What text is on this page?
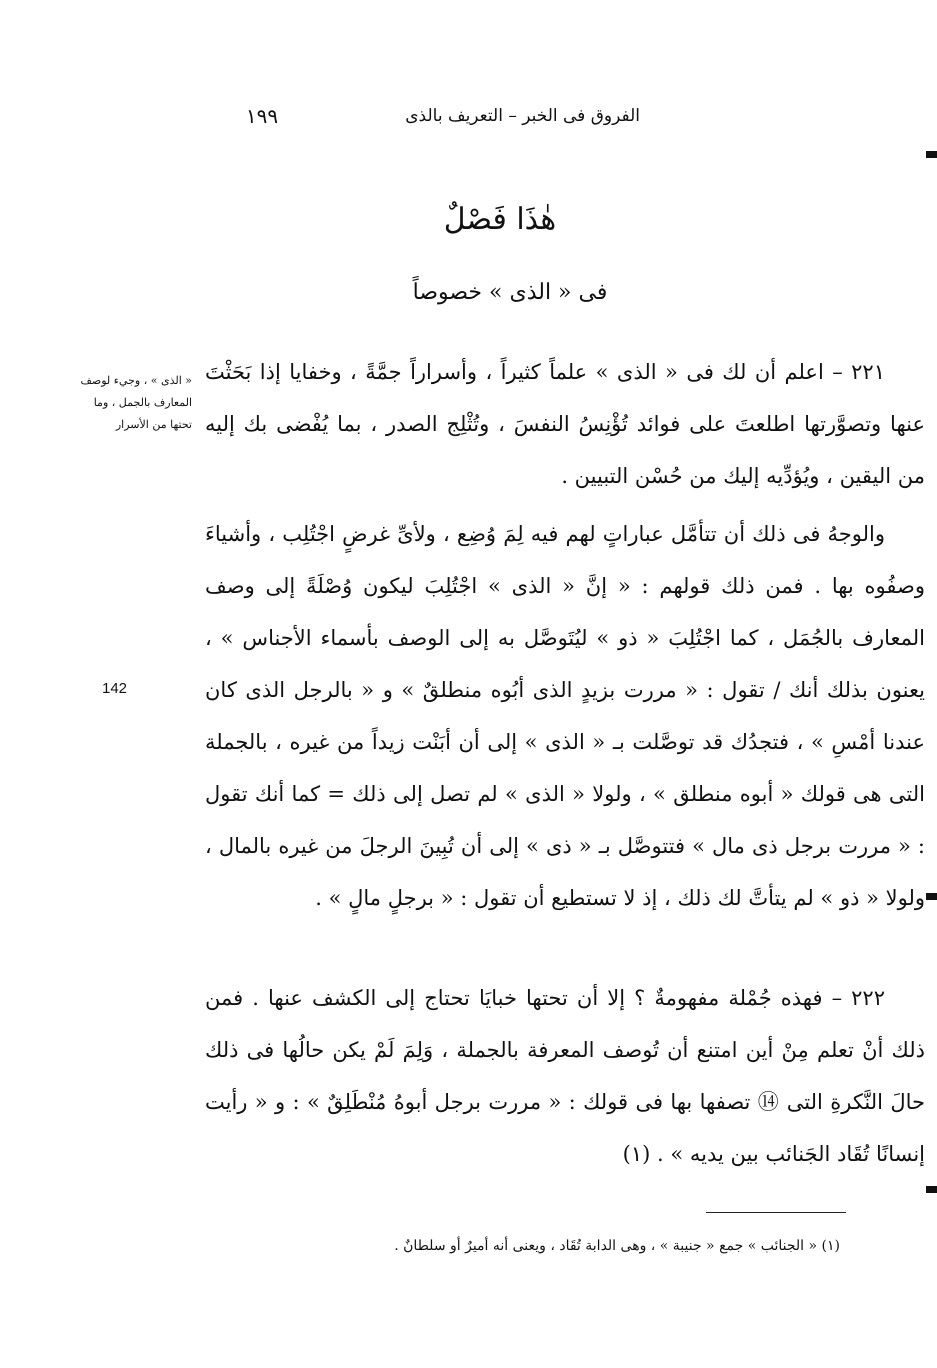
الفروق فى الخبر – التعريف بالذى
١٩٩
هٰذَا فَصْلٌ
فى « الذى » خصوصاً
« الذى » ، وجيء لوصف المعارف بالجمل ، وما تحتها من الأسرار
142

٢٢١ – اعلم أن لك فى « الذى » علماً كثيراً ، وأسراراً جمَّةً ، وخفايا إذا بَحَثْتَ عنها وتصوَّرتها اطلعتَ على فوائد تُؤْنِسُ النفسَ ، وتُثْلِج الصدر ، بما يُفْضى بك إليه من اليقين ، ويُؤدِّيه إليك من حُسْن التبيين .

والوجهُ فى ذلك أن تتأمَّل عباراتٍ لهم فيه لِمَ وُضِع ، ولأىِّ غرضٍ اجْتُلِب ، وأشياءَ وصفُوه بها . فمن ذلك قولهم : « إنَّ « الذى » اجْتُلِبَ ليكون وُصْلَةً إلى وصف المعارف بالجُمَل ، كما اجْتُلِبَ « ذو » ليُتَوصَّل به إلى الوصف بأسماء الأجناس » ، يعنون بذلك أنك / تقول : « مررت بزيدٍ الذى أبُوه منطلقٌ » و « بالرجل الذى كان عندنا أمْسِ » ، فتجدُك قد توصَّلت بـ « الذى » إلى أن أبَنْت زيداً من غيره ، بالجملة التى هى قولك « أبوه منطلق » ، ولولا « الذى » لم تصل إلى ذلك = كما أنك تقول : « مررت برجل ذى مال » فتتوصَّل بـ « ذى » إلى أن تُبِينَ الرجلَ من غيره بالمال ، ولولا « ذو » لم يتأتَّ لك ذلك ، إذ لا تستطيع أن تقول : « برجلٍ مالٍ » .

٢٢٢ – فهذه جُمْلة مفهومةٌ ؟ إلا أن تحتها خبايَا تحتاج إلى الكشف عنها . فمن ذلك أنْ تعلم مِنْ أين امتنع أن تُوصف المعرفة بالجملة ، وَلِمَ لَمْ يكن حالُها فى ذلك حالَ النَّكرةِ التى ⑭ تصفها بها فى قولك : « مررت برجل أبوهُ مُنْطَلِقٌ » : و « رأيت إنسانًا تُقَاد الجَنائب بين يديه » . (١)

(١) « الجنائب » جمع « جنيبة » ، وهى الدابة تُقَاد ، ويعنى أنه أميرٌ أو سلطانٌ .
